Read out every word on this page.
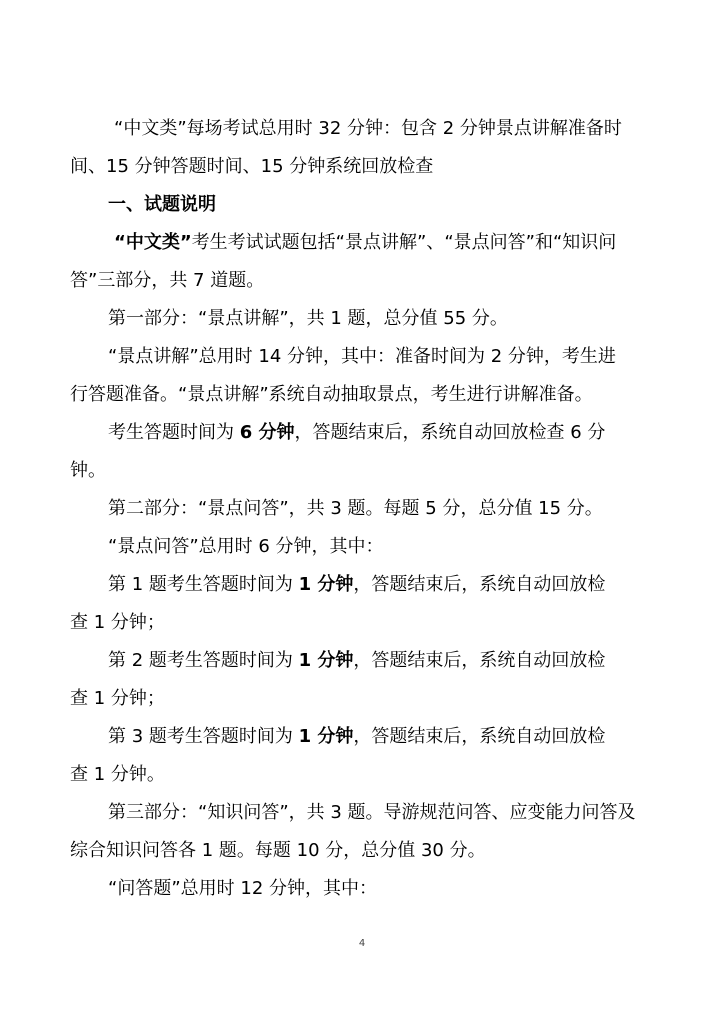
“中文类”每场考试总用时 32 分钟：包含 2 分钟景点讲解准备时
间、15 分钟答题时间、15 分钟系统回放检查
一、试题说明
“中文类”考生考试试题包括“景点讲解”、“景点问答”和“知识问
答”三部分，共 7 道题。
第一部分：“景点讲解”，共 1 题，总分值 55 分。
“景点讲解”总用时 14 分钟，其中：准备时间为 2 分钟，考生进
行答题准备。“景点讲解”系统自动抽取景点，考生进行讲解准备。
考生答题时间为 6 分钟，答题结束后，系统自动回放检查 6 分
钟。
第二部分：“景点问答”，共 3 题。每题 5 分，总分值 15 分。
“景点问答”总用时 6 分钟，其中：
第 1 题考生答题时间为 1 分钟，答题结束后，系统自动回放检
查 1 分钟；
第 2 题考生答题时间为 1 分钟，答题结束后，系统自动回放检
查 1 分钟；
第 3 题考生答题时间为 1 分钟，答题结束后，系统自动回放检
查 1 分钟。
第三部分：“知识问答”，共 3 题。导游规范问答、应变能力问答及
综合知识问答各 1 题。每题 10 分，总分值 30 分。
“问答题”总用时 12 分钟，其中：
4
